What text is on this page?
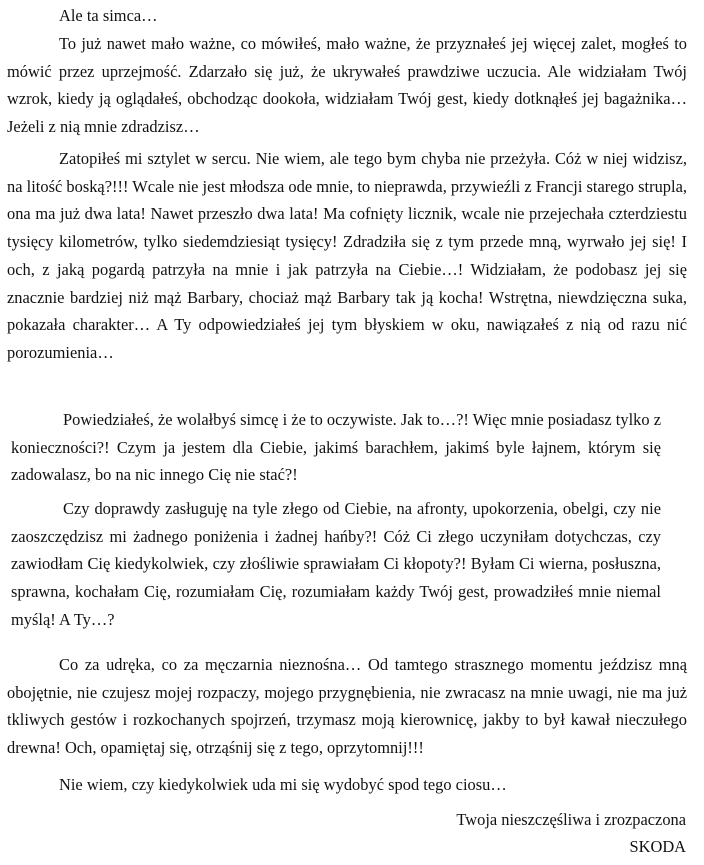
Ale ta simca…

To już nawet mało ważne, co mówiłeś, mało ważne, że przyznałeś jej więcej zalet, mogłeś to mówić przez uprzejmość. Zdarzało się już, że ukrywałeś prawdziwe uczucia. Ale widziałam Twój wzrok, kiedy ją oglądałeś, obchodząc dookoła, widziałam Twój gest, kiedy dotknąłeś jej bagażnika… Jeżeli z nią mnie zdradzisz…

Zatopiłeś mi sztylet w sercu. Nie wiem, ale tego bym chyba nie przeżyła. Cóż w niej widzisz, na litość boską?!!! Wcale nie jest młodsza ode mnie, to nieprawda, przywieźli z Francji starego strupla, ona ma już dwa lata! Nawet przeszło dwa lata! Ma cofnięty licznik, wcale nie przejechała czterdziestu tysięcy kilometrów, tylko siedemdziesiąt tysięcy! Zdradziła się z tym przede mną, wyrwało jej się! I och, z jaką pogardą patrzyła na mnie i jak patrzyła na Ciebie…! Widziałam, że podobasz jej się znacznie bardziej niż mąż Barbary, chociaż mąż Barbary tak ją kocha! Wstrętna, niewdzięczna suka, pokazała charakter… A Ty odpowiedziałeś jej tym błyskiem w oku, nawiązałeś z nią od razu nić porozumienia…

Powiedziałeś, że wolałbyś simcę i że to oczywiste. Jak to…?! Więc mnie posiadasz tylko z konieczności?! Czym ja jestem dla Ciebie, jakimś barachłem, jakimś byle łajnem, którym się zadowalasz, bo na nic innego Cię nie stać?!

Czy doprawdy zasługuję na tyle złego od Ciebie, na afronty, upokorzenia, obelgi, czy nie zaoszczędzisz mi żadnego poniżenia i żadnej hańby?! Cóż Ci złego uczyniłam dotychczas, czy zawiodłam Cię kiedykolwiek, czy złośliwie sprawiałam Ci kłopoty?! Byłam Ci wierna, posłuszna, sprawna, kochałam Cię, rozumiałam Cię, rozumiałam każdy Twój gest, prowadziłeś mnie niemal myślą! A Ty…?

Co za udręka, co za męczarnia nieznośna… Od tamtego strasznego momentu jeździsz mną obojętnie, nie czujesz mojej rozpaczy, mojego przygnębienia, nie zwracasz na mnie uwagi, nie ma już tkliwych gestów i rozkochanych spojrzeń, trzymasz moją kierownicę, jakby to był kawał nieczułego drewna! Och, opamiętaj się, otrząśnij się z tego, oprzytomnij!!!

Nie wiem, czy kiedykolwiek uda mi się wydobyć spod tego ciosu…

Twoja nieszczęśliwa i zrozpaczona
SKODA
